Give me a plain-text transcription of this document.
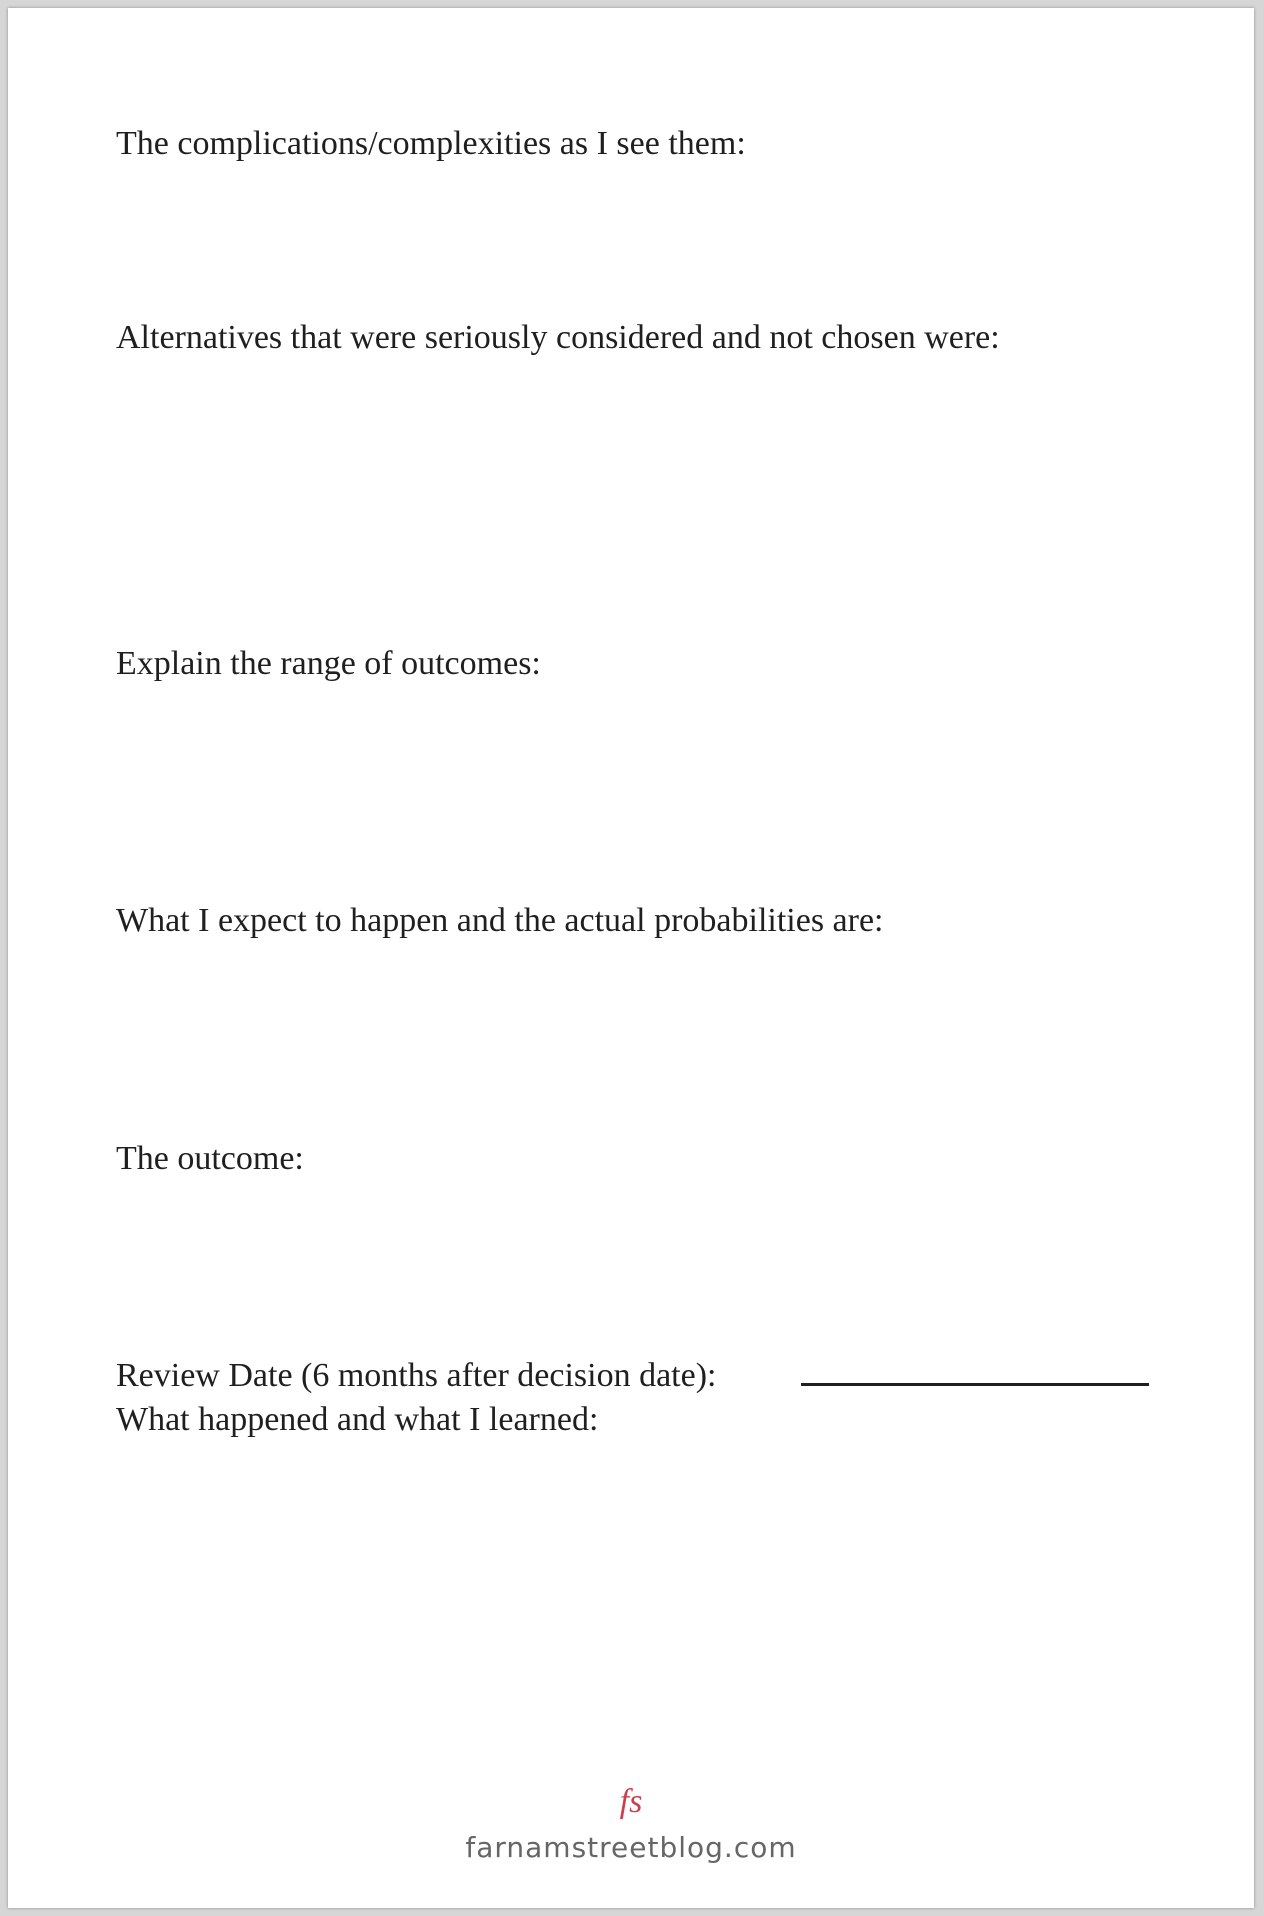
The complications/complexities as I see them:

Alternatives that were seriously considered and not chosen were:

Explain the range of outcomes:

What I expect to happen and the actual probabilities are:

The outcome:

Review Date (6 months after decision date):

What happened and what I learned:

fs
farnamstreetblog.com
